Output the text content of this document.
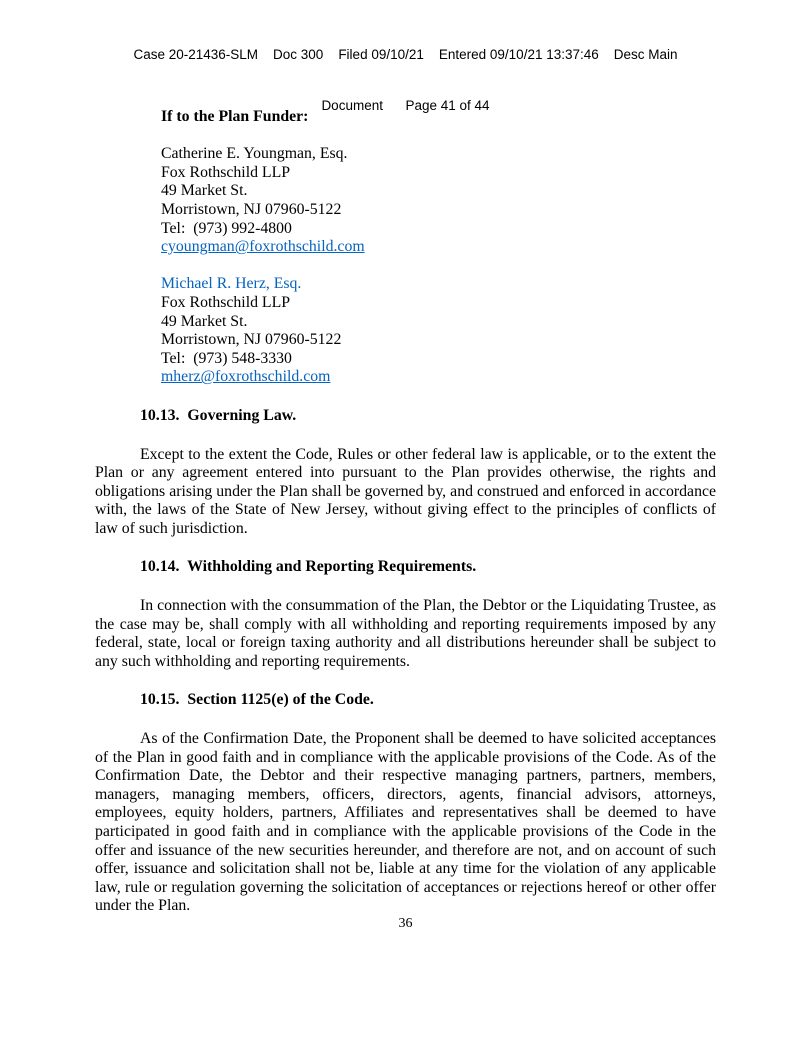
Case 20-21436-SLM    Doc 300    Filed 09/10/21    Entered 09/10/21 13:37:46    Desc Main

Document      Page 41 of 44

If to the Plan Funder:

Catherine E. Youngman, Esq.
Fox Rothschild LLP
49 Market St.
Morristown, NJ 07960-5122
Tel:  (973) 992-4800
cyoungman@foxrothschild.com
Michael R. Herz, Esq.
Fox Rothschild LLP
49 Market St.
Morristown, NJ 07960-5122
Tel:  (973) 548-3330
mherz@foxrothschild.com

10.13.  Governing Law.

Except to the extent the Code, Rules or other federal law is applicable, or to the extent the Plan or any agreement entered into pursuant to the Plan provides otherwise, the rights and obligations arising under the Plan shall be governed by, and construed and enforced in accordance with, the laws of the State of New Jersey, without giving effect to the principles of conflicts of law of such jurisdiction.

10.14.  Withholding and Reporting Requirements.

In connection with the consummation of the Plan, the Debtor or the Liquidating Trustee, as the case may be, shall comply with all withholding and reporting requirements imposed by any federal, state, local or foreign taxing authority and all distributions hereunder shall be subject to any such withholding and reporting requirements.

10.15.  Section 1125(e) of the Code.

As of the Confirmation Date, the Proponent shall be deemed to have solicited acceptances of the Plan in good faith and in compliance with the applicable provisions of the Code. As of the Confirmation Date, the Debtor and their respective managing partners, partners, members, managers, managing members, officers, directors, agents, financial advisors, attorneys, employees, equity holders, partners, Affiliates and representatives shall be deemed to have participated in good faith and in compliance with the applicable provisions of the Code in the offer and issuance of the new securities hereunder, and therefore are not, and on account of such offer, issuance and solicitation shall not be, liable at any time for the violation of any applicable law, rule or regulation governing the solicitation of acceptances or rejections hereof or other offer under the Plan.

36
